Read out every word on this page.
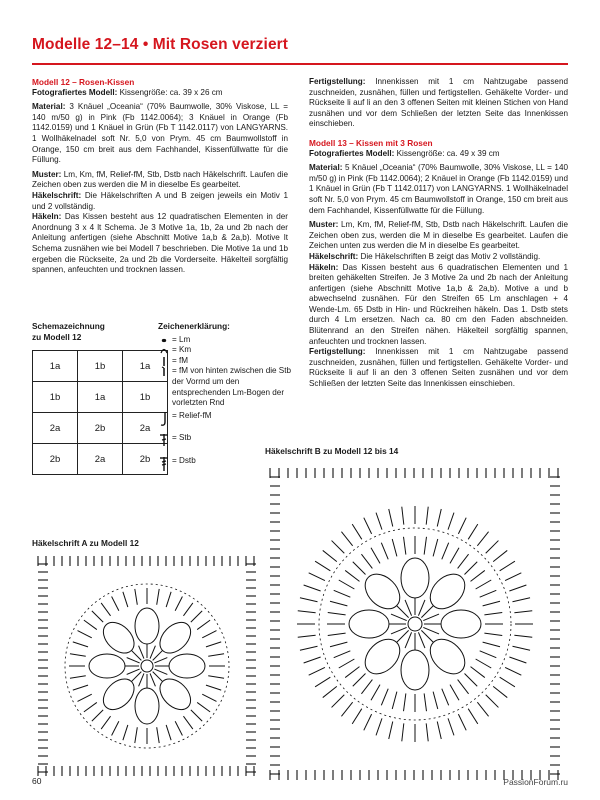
Modelle 12–14 • Mit Rosen verziert
Modell 12 – Rosen-Kissen

Fotografiertes Modell: Kissengröße: ca. 39 x 26 cm

Material: 3 Knäuel „Oceania“ (70% Baumwolle, 30% Viskose, LL = 140 m/50 g) in Pink (Fb 1142.0064); 3 Knäuel in Orange (Fb 1142.0159) und 1 Knäuel in Grün (Fb T 1142.0117) von LANGYARNS. 1 Wollhäkelnadel soft Nr. 5,0 von Prym. 45 cm Baumwollstoff in Orange, 150 cm breit aus dem Fachhandel, Kissenfüllwatte für die Füllung.

Muster: Lm, Km, fM, Relief-fM, Stb, Dstb nach Häkelschrift. Laufen die Zeichen oben zus werden die M in dieselbe Es gearbeitet.

Häkelschrift: Die Häkelschriften A und B zeigen jeweils ein Motiv 1 und 2 vollständig.

Häkeln: Das Kissen besteht aus 12 quadratischen Elementen in der Anordnung 3 x 4 lt Schema. Je 3 Motive 1a, 1b, 2a und 2b nach der Anleitung anfertigen (siehe Abschnitt Motive 1a,b & 2a,b). Motive lt Schema zusnähen wie bei Modell 7 beschrieben. Die Motive 1a und 1b ergeben die Rückseite, 2a und 2b die Vorderseite. Häkelteil sorgfältig spannen, anfeuchten und trocknen lassen.

Fertigstellung: Innenkissen mit 1 cm Nahtzugabe passend zuschneiden, zusnähen, füllen und fertigstellen. Gehäkelte Vorder- und Rückseite li auf li an den 3 offenen Seiten mit kleinen Stichen von Hand zusnähen und vor dem Schließen der letzten Seite das Innenkissen einschieben.

Modell 13 – Kissen mit 3 Rosen

Fotografiertes Modell: Kissengröße: ca. 49 x 39 cm

Material: 5 Knäuel „Oceania“ (70% Baumwolle, 30% Viskose, LL = 140 m/50 g) in Pink (Fb 1142.0064); 2 Knäuel in Orange (Fb 1142.0159) und 1 Knäuel in Grün (Fb T 1142.0117) von LANGYARNS. 1 Wollhäkelnadel soft Nr. 5,0 von Prym. 45 cm Baumwollstoff in Orange, 150 cm breit aus dem Fachhandel, Kissenfüllwatte für die Füllung.

Muster: Lm, Km, fM, Relief-fM, Stb, Dstb nach Häkelschrift. Laufen die Zeichen oben zus, werden die M in dieselbe Es gearbeitet. Laufen die Zeichen unten zus werden die M in dieselbe Es gearbeitet.

Häkelschrift: Die Häkelschriften B zeigt das Motiv 2 vollständig.

Häkeln: Das Kissen besteht aus 6 quadratischen Elementen und 1 breiten gehäkelten Streifen. Je 3 Motive 2a und 2b nach der Anleitung anfertigen (siehe Abschnitt Motive 1a,b & 2a,b). Motive a und b abwechselnd zusnähen. Für den Streifen 65 Lm anschlagen + 4 Wende-Lm. 65 Dstb in Hin- und Rückreihen häkeln. Das 1. Dstb stets durch 4 Lm ersetzen. Nach ca. 80 cm den Faden abschneiden. Blütenrand an den Streifen nähen. Häkelteil sorgfältig spannen, anfeuchten und trocknen lassen.

Fertigstellung: Innenkissen mit 1 cm Nahtzugabe passend zuschneiden, zusnähen, füllen und fertigstellen. Gehäkelte Vorder- und Rückseite li auf li an den 3 offenen Seiten zusnähen und vor dem Schließen der letzten Seite das Innenkissen einschieben.

Schemazeichnung
zu Modell 12
1a	1b	1a
1b	1a	1b
2a	2b	2a
2b	2a	2b
Zeichenerklärung:
= Lm
= Km
= fM
= fM von hinten zwischen die Stb der Vorrnd um den entsprechenden Lm-Bogen der vorletzten Rnd
= Relief-fM
= Stb
= Dstb
Häkelschrift A zu Modell 12
Häkelschrift B zu Modell 12 bis 14
60	PassionForum.ru
